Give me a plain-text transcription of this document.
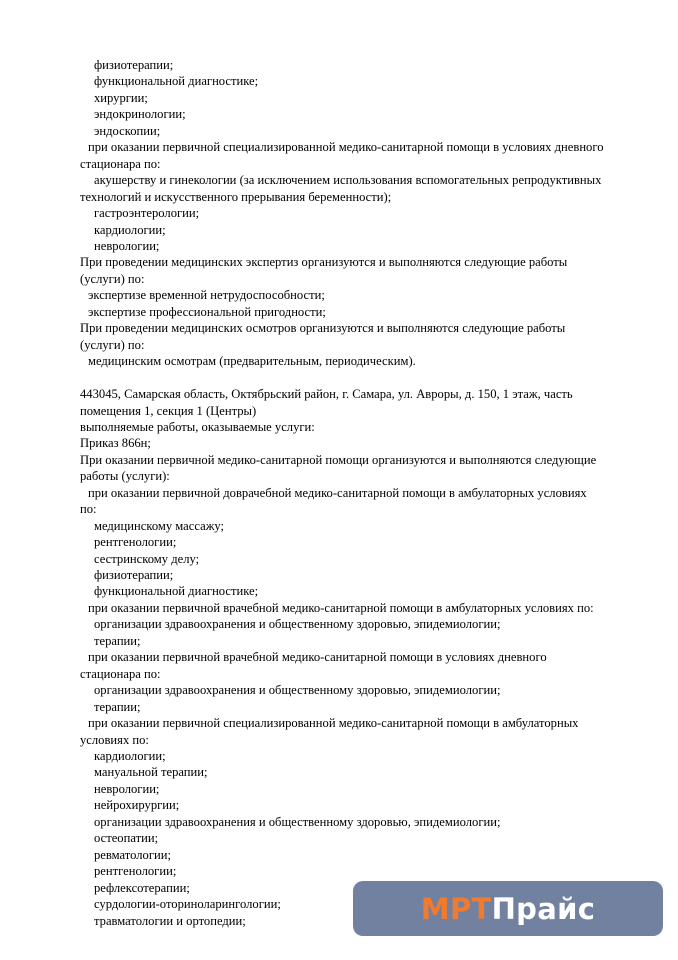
физиотерапии;
функциональной диагностике;
хирургии;
эндокринологии;
эндоскопии;
при оказании первичной специализированной медико-санитарной помощи в условиях дневного
стационара по:
акушерству и гинекологии (за исключением использования вспомогательных репродуктивных
технологий и искусственного прерывания беременности);
гастроэнтерологии;
кардиологии;
неврологии;
При проведении медицинских экспертиз организуются и выполняются следующие работы
(услуги) по:
экспертизе временной нетрудоспособности;
экспертизе профессиональной пригодности;
При проведении медицинских осмотров организуются и выполняются следующие работы
(услуги) по:
медицинским осмотрам (предварительным, периодическим).
443045, Самарская область, Октябрьский район, г. Самара, ул. Авроры, д. 150, 1 этаж, часть
помещения 1, секция 1 (Центры)
выполняемые работы, оказываемые услуги:
Приказ 866н;
При оказании первичной медико-санитарной помощи организуются и выполняются следующие
работы (услуги):
при оказании первичной доврачебной медико-санитарной помощи в амбулаторных условиях
по:
медицинскому массажу;
рентгенологии;
сестринскому делу;
физиотерапии;
функциональной диагностике;
при оказании первичной врачебной медико-санитарной помощи в амбулаторных условиях по:
организации здравоохранения и общественному здоровью, эпидемиологии;
терапии;
при оказании первичной врачебной медико-санитарной помощи в условиях дневного
стационара по:
организации здравоохранения и общественному здоровью, эпидемиологии;
терапии;
при оказании первичной специализированной медико-санитарной помощи в амбулаторных
условиях по:
кардиологии;
мануальной терапии;
неврологии;
нейрохирургии;
организации здравоохранения и общественному здоровью, эпидемиологии;
остеопатии;
ревматологии;
рентгенологии;
рефлексотерапии;
сурдологии-оториноларингологии;
травматологии и ортопедии;	МРТ Прайс
